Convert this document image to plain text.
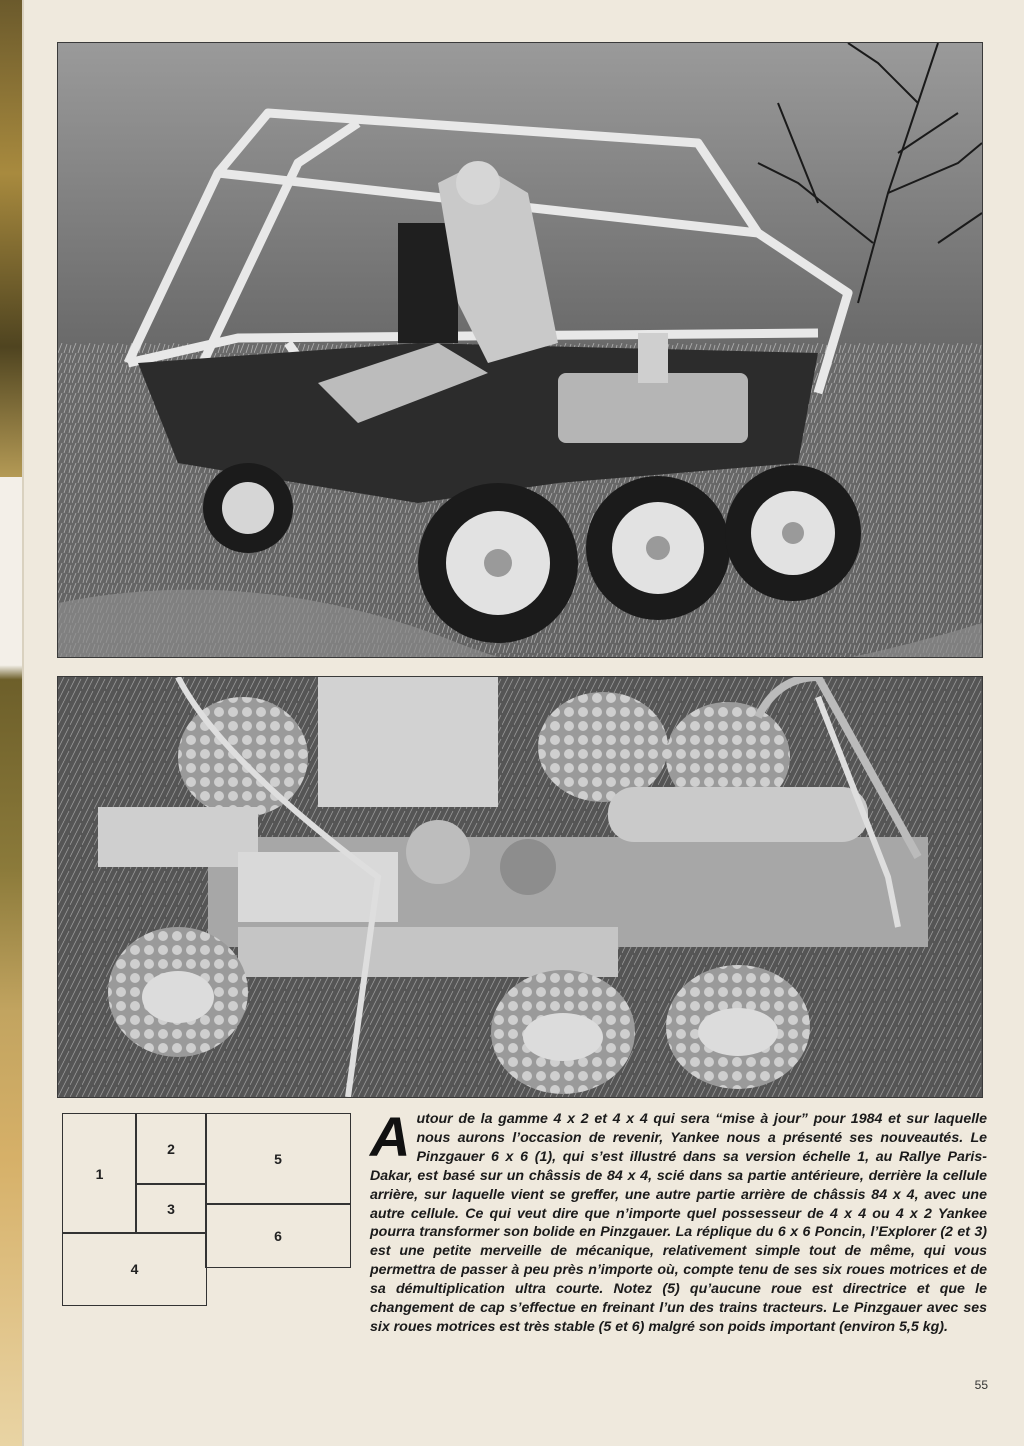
1
2
3
5
6
4
Autour de la gamme 4 x 2 et 4 x 4 qui sera “mise à jour” pour 1984 et sur laquelle nous aurons l’occasion de revenir, Yankee nous a présenté ses nouveautés. Le Pinzgauer 6 x 6 (1), qui s’est illustré dans sa version échelle 1, au Rallye Paris-Dakar, est basé sur un châssis de 84 x 4, scié dans sa partie antérieure, derrière la cellule arrière, sur laquelle vient se greffer, une autre partie arrière de châssis 84 x 4, avec une autre cellule. Ce qui veut dire que n’importe quel possesseur de 4 x 4 ou 4 x 2 Yankee pourra transformer son bolide en Pinzgauer. La réplique du 6 x 6 Poncin, l’Explorer (2 et 3) est une petite merveille de mécanique, relativement simple tout de même, qui vous permettra de passer à peu près n’importe où, compte tenu de ses six roues motrices et de sa démultiplication ultra courte. Notez (5) qu’aucune roue est directrice et que le changement de cap s’effectue en freinant l’un des trains tracteurs. Le Pinzgauer avec ses six roues motrices est très stable (5 et 6) malgré son poids important (environ 5,5 kg).
55
